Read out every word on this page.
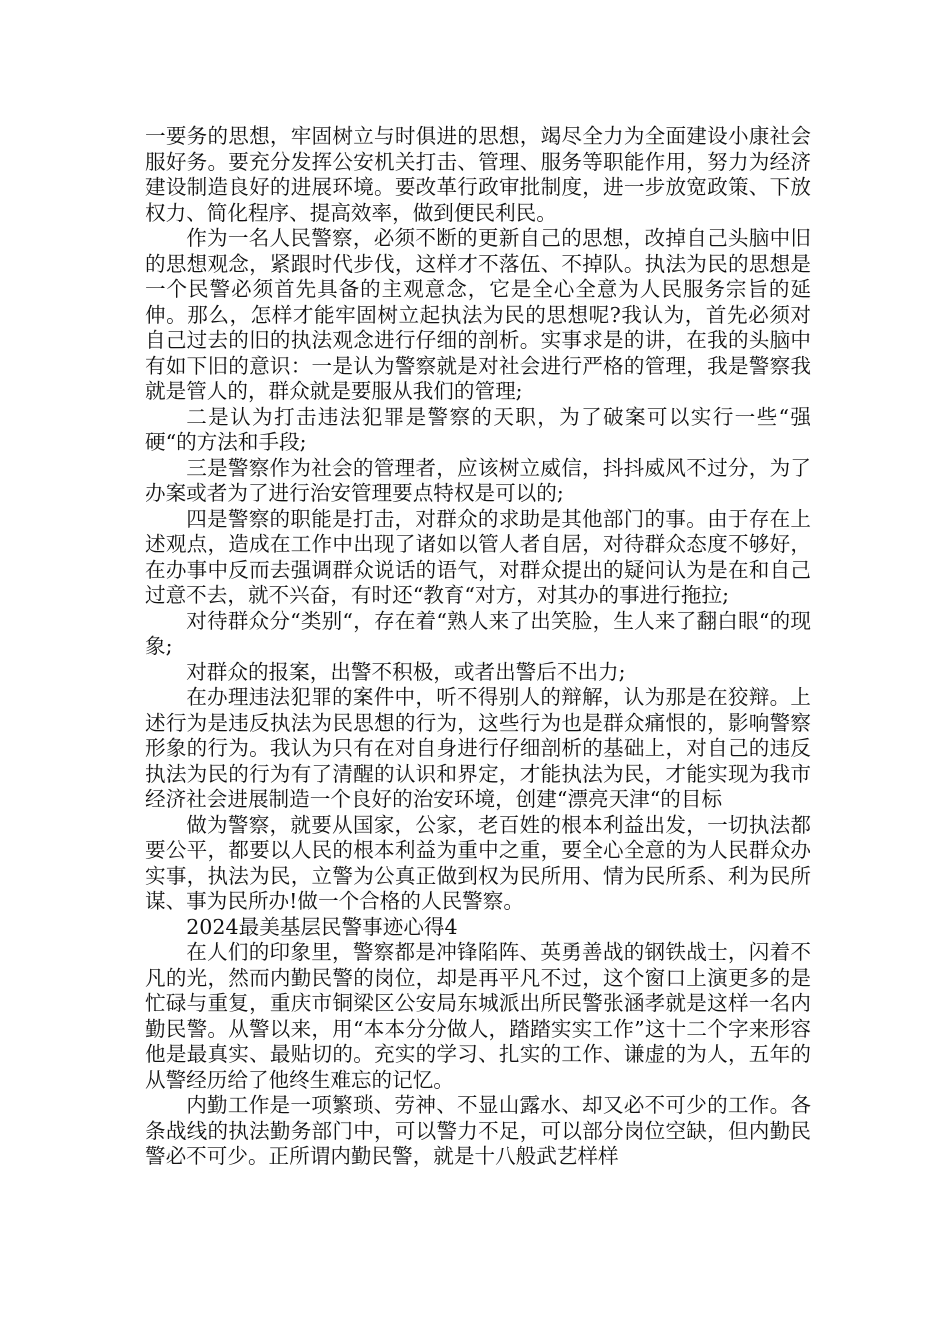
一要务的思想，牢固树立与时俱进的思想，竭尽全力为全面建设小康社会服好务。要充分发挥公安机关打击、管理、服务等职能作用，努力为经济建设制造良好的进展环境。要改革行政审批制度，进一步放宽政策、下放权力、简化程序、提高效率，做到便民利民。

作为一名人民警察，必须不断的更新自己的思想，改掉自己头脑中旧的思想观念，紧跟时代步伐，这样才不落伍、不掉队。执法为民的思想是一个民警必须首先具备的主观意念，它是全心全意为人民服务宗旨的延伸。那么，怎样才能牢固树立起执法为民的思想呢?我认为，首先必须对自己过去的旧的执法观念进行仔细的剖析。实事求是的讲，在我的头脑中有如下旧的意识：一是认为警察就是对社会进行严格的管理，我是警察我就是管人的，群众就是要服从我们的管理;

二是认为打击违法犯罪是警察的天职，为了破案可以实行一些“强硬“的方法和手段;

三是警察作为社会的管理者，应该树立威信，抖抖威风不过分，为了办案或者为了进行治安管理要点特权是可以的;

四是警察的职能是打击，对群众的求助是其他部门的事。由于存在上述观点，造成在工作中出现了诸如以管人者自居，对待群众态度不够好，在办事中反而去强调群众说话的语气，对群众提出的疑问认为是在和自己过意不去，就不兴奋，有时还“教育“对方，对其办的事进行拖拉;

对待群众分“类别“，存在着“熟人来了出笑脸，生人来了翻白眼“的现象;

对群众的报案，出警不积极，或者出警后不出力;

在办理违法犯罪的案件中，听不得别人的辩解，认为那是在狡辩。上述行为是违反执法为民思想的行为，这些行为也是群众痛恨的，影响警察形象的行为。我认为只有在对自身进行仔细剖析的基础上，对自己的违反执法为民的行为有了清醒的认识和界定，才能执法为民，才能实现为我市经济社会进展制造一个良好的治安环境，创建“漂亮天津“的目标

做为警察，就要从国家，公家，老百姓的根本利益出发，一切执法都要公平，都要以人民的根本利益为重中之重，要全心全意的为人民群众办实事，执法为民，立警为公真正做到权为民所用、情为民所系、利为民所谋、事为民所办!做一个合格的人民警察。

2024最美基层民警事迹心得4

在人们的印象里，警察都是冲锋陷阵、英勇善战的钢铁战士，闪着不凡的光，然而内勤民警的岗位，却是再平凡不过，这个窗口上演更多的是忙碌与重复，重庆市铜梁区公安局东城派出所民警张涵孝就是这样一名内勤民警。从警以来，用“本本分分做人，踏踏实实工作”这十二个字来形容他是最真实、最贴切的。充实的学习、扎实的工作、谦虚的为人，五年的从警经历给了他终生难忘的记忆。

内勤工作是一项繁琐、劳神、不显山露水、却又必不可少的工作。各条战线的执法勤务部门中，可以警力不足，可以部分岗位空缺，但内勤民警必不可少。正所谓内勤民警，就是十八般武艺样样
